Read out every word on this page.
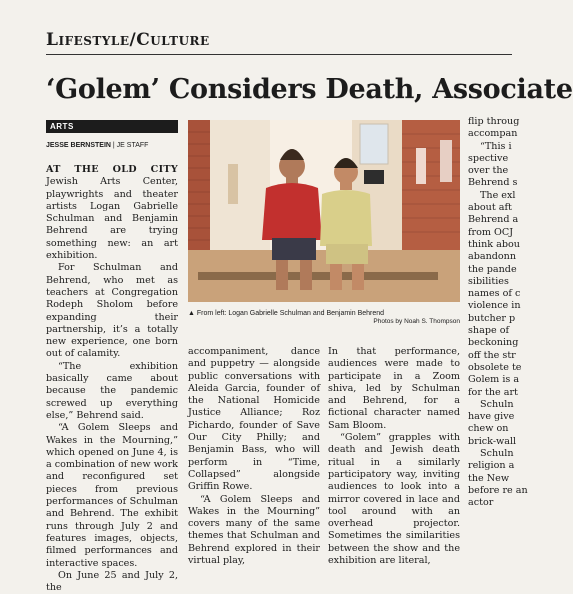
Lifestyle/Culture
‘Golem’ Considers Death, Associate
ARTS
JESSE BERNSTEIN | JE STAFF

AT THE OLD CITY Jewish Arts Center, playwrights and theater artists Logan Gabrielle Schulman and Benjamin Behrend are trying something new: an art exhibition.

For Schulman and Behrend, who met as teachers at Congregation Rodeph Sholom before expanding their partnership, it’s a totally new experience, one born out of calamity.

“The exhibition basically came about because the pandemic screwed up everything else,” Behrend said.

“A Golem Sleeps and Wakes in the Mourning,” which opened on June 4, is a combination of new work and reconfigured set pieces from previous performances of Schulman and Behrend. The exhibit runs through July 2 and features images, objects, filmed performances and interactive spaces.

On June 25 and July 2, the

▲ From left: Logan Gabrielle Schulman and Benjamin Behrend
Photos by Noah S. Thompson

accompaniment, dance and puppetry — alongside public conversations with Aleida Garcia, founder of the National Homicide Justice Alliance; Roz Pichardo, founder of Save Our City Philly; and Benjamin Bass, who will perform in “Time, Collapsed” alongside Griffin Rowe.

“A Golem Sleeps and Wakes in the Mourning” covers many of the same themes that Schulman and Behrend explored in their virtual play,

In that performance, audiences were made to participate in a Zoom shiva, led by Schulman and Behrend, for a fictional character named Sam Bloom.

“Golem” grapples with death and Jewish death ritual in a similarly participatory way, inviting audiences to look into a mirror covered in lace and tool around with an overhead projector. Sometimes the similarities between the show and the exhibition are literal,

flip throug accompan

“This i spective over the Behrend s

The exl about aft Behrend a from OCJ think abou abandonn the pande sibilities names of c violence in butcher p shape of beckoning off the str obsolete te Golem is a for the art

Schuln have give chew on brick-wall

Schuln religion a the New before re an actor
